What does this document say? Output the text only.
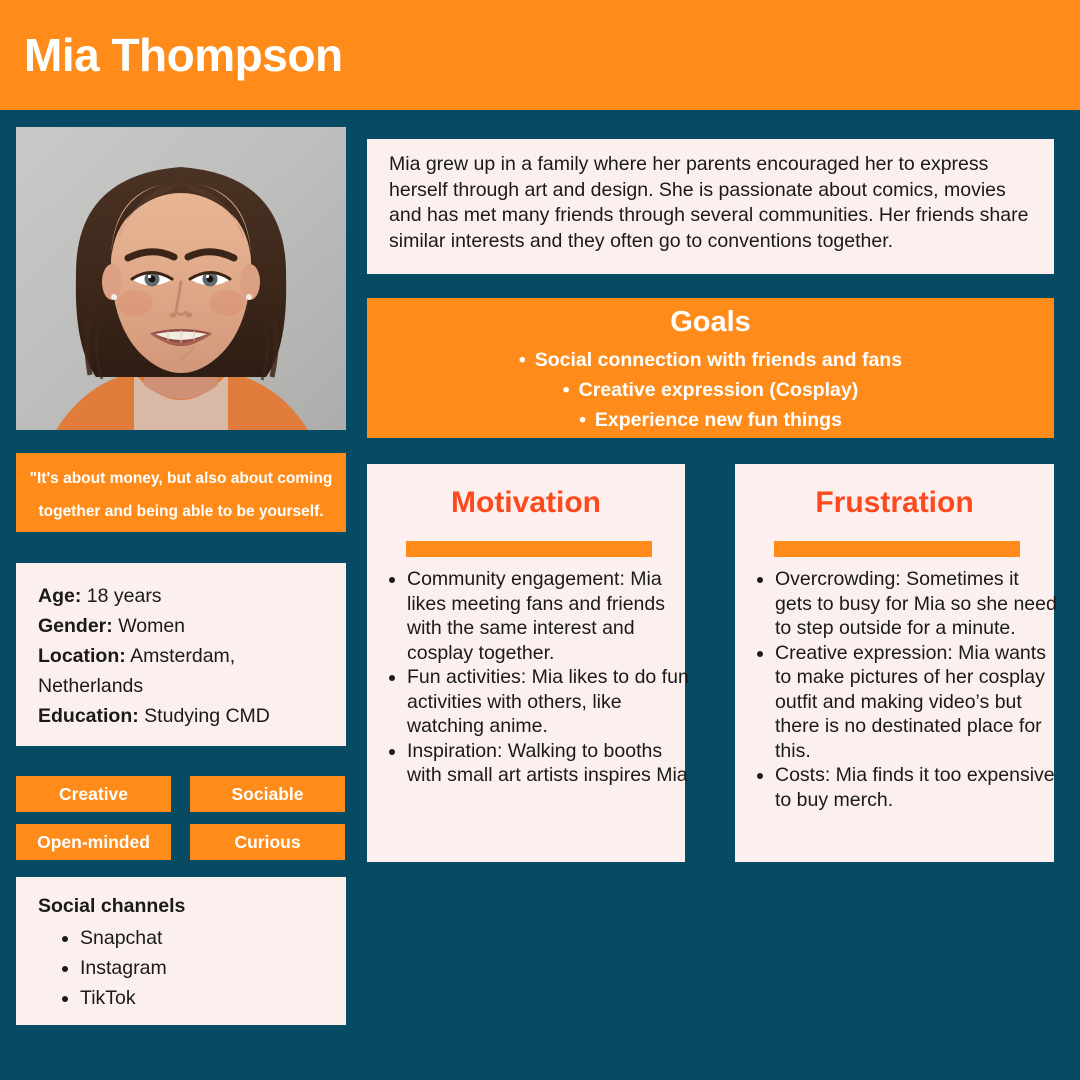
Mia Thompson
Mia grew up in a family where her parents encouraged her to express herself through art and design. She is passionate about comics, movies and has met many friends through several communities. Her friends share similar interests and they often go to conventions together.
Goals
• Social connection with friends and fans
• Creative expression (Cosplay)
• Experience new fun things
"It's about money, but also about coming together and being able to be yourself.
Age: 18 years
Gender: Women
Location: Amsterdam, Netherlands
Education: Studying CMD
Creative	Sociable
Open-minded	Curious
Social channels
• Snapchat
• Instagram
• TikTok
Motivation
• Community engagement: Mia likes meeting fans and friends with the same interest and cosplay together.
• Fun activities: Mia likes to do fun activities with others, like watching anime.
• Inspiration: Walking to booths with small art artists inspires Mia
Frustration
• Overcrowding: Sometimes it gets to busy for Mia so she need to step outside for a minute.
• Creative expression: Mia wants to make pictures of her cosplay outfit and making video’s but there is no destinated place for this.
• Costs: Mia finds it too expensive to buy merch.
